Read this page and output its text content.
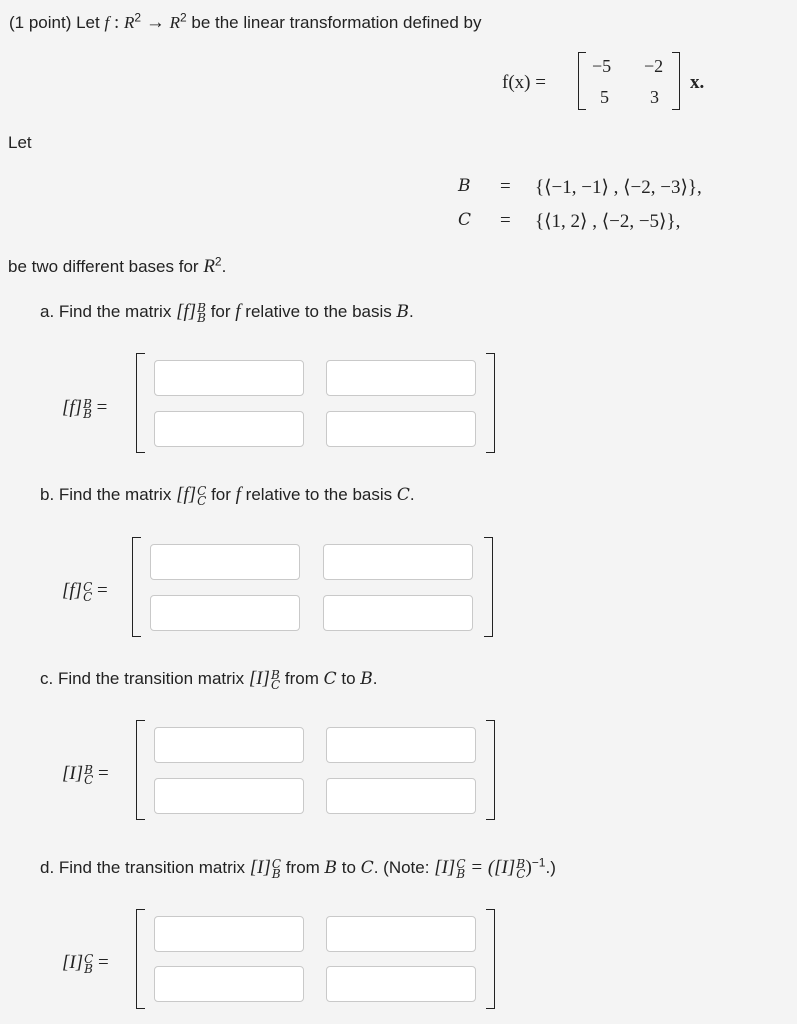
(1 point) Let f : $R^2 \to R^2$ be the linear transformation defined by
f(x) =
−5 −2
5 3
x.
Let
B = {⟨−1, −1⟩ , ⟨−2, −3⟩},
C = {⟨1, 2⟩ , ⟨−2, −5⟩},
be two different bases for $R^2$.
a. Find the matrix [f] B
B for f relative to the basis B.
[f] B
B =
b. Find the matrix [f] C
C for f relative to the basis C.
[f] C
C =
c. Find the transition matrix [I] B
C from C to B.
[I] B
C =
d. Find the transition matrix [I] C
B from B to C. (Note: [I] C
B = ([I] B
C )$^{-1}$.)
[I] C
B =
